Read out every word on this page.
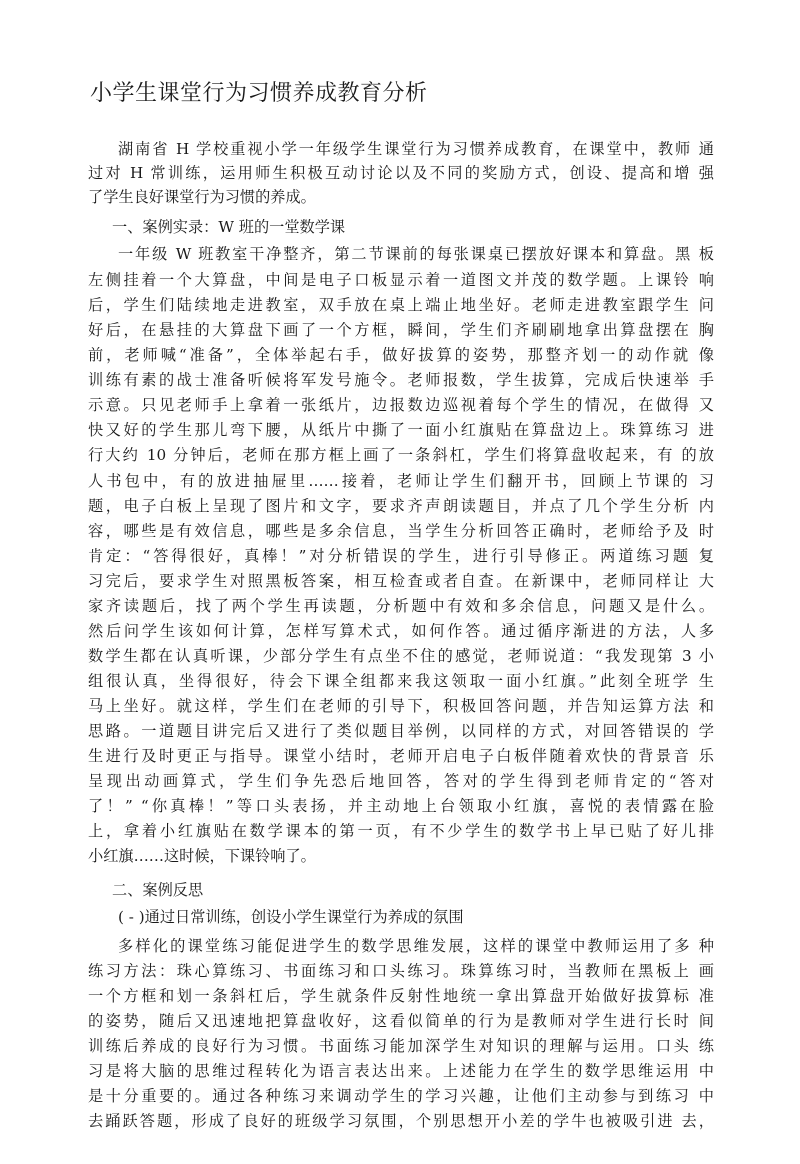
小学生课堂行为习惯养成教育分析
湖南省 H 学校重视小学一年级学生课堂行为习惯养成教育，在课堂中，教师 通
过对 H 常训练，运用师生积极互动讨论以及不同的奖励方式，创设、提高和增 强
了学生良好课堂行为习惯的养成。
一、案例实录：W 班的一堂数学课
一年级 W 班教室干净整齐，第二节课前的每张课桌已摆放好课本和算盘。黑 板
左侧挂着一个大算盘，中间是电子口板显示着一道图文并茂的数学题。上课铃 响
后，学生们陆续地走进教室，双手放在桌上端止地坐好。老师走进教室跟学生 问
好后，在悬挂的大算盘下画了一个方框，瞬间，学生们齐刷刷地拿出算盘摆在 胸
前，老师喊“准备”，全体举起右手，做好拔算的姿势，那整齐划一的动作就 像
训练有素的战士准备听候将军发号施令。老师报数，学生拔算，完成后快速举 手
示意。只见老师手上拿着一张纸片，边报数边巡视着每个学生的情况，在做得 又
快又好的学生那儿弯下腰，从纸片中撕了一面小红旗贴在算盘边上。珠算练习 进
行大约 10 分钟后，老师在那方框上画了一条斜杠，学生们将算盘收起来，有 的放
人书包中，有的放进抽屉里……接着，老师让学生们翻开书，回顾上节课的 习
题，电子白板上呈现了图片和文字，要求齐声朗读题目，并点了几个学生分析 内
容，哪些是有效信息，哪些是多余信息，当学生分析回答正确时，老师给予及 时
肯定：“答得很好，真棒！”对分析错误的学生，进行引导修正。两道练习题 复
习完后，要求学生对照黑板答案，相互检査或者自查。在新课中，老师同样让 大
家齐读题后，找了两个学生再读题，分析题中有效和多余信息，问题又是什么。
然后问学生该如何计算，怎样写算术式，如何作答。通过循序渐进的方法，人多
数学生都在认真听课，少部分学生有点坐不住的感觉，老师说道：“我发现第 3 小
组很认真，坐得很好，待会下课全组都来我这领取一面小红旗。”此刻全班学 生
马上坐好。就这样，学生们在老师的引导下，积极回答问题，并告知运算方法 和
思路。一道题目讲完后又进行了类似题目举例，以同样的方式，对回答错误的 学
生进行及时更正与指导。课堂小结时，老师开启电子白板伴随着欢快的背景音 乐
呈现出动画算式，学生们争先恐后地回答，答对的学生得到老师肯定的“答对
了！” “你真棒！”等口头表扬，并主动地上台领取小红旗，喜悦的表情露在脸
上，拿着小红旗贴在数学课本的第一页，有不少学生的数学书上早已贴了好儿排
小红旗……这时候，下课铃响了。
二、案例反思
( - )通过日常训练，创设小学生课堂行为养成的氛围
多样化的课堂练习能促进学生的数学思维发展，这样的课堂中教师运用了多 种
练习方法：珠心算练习、书面练习和口头练习。珠算练习时，当教师在黑板上 画
一个方框和划一条斜杠后，学生就条件反射性地统一拿出算盘开始做好拔算标 准
的姿势，随后又迅速地把算盘收好，这看似简单的行为是教师对学生进行长时 间
训练后养成的良好行为习惯。书面练习能加深学生对知识的理解与运用。口头 练
习是将大脑的思维过程转化为语言表达出来。上述能力在学生的数学思维运用 中
是十分重要的。通过各种练习来调动学生的学习兴趣，让他们主动参与到练习 中
去踊跃答题，形成了良好的班级学习氛围，个别思想开小差的学牛也被吸引进 去，
